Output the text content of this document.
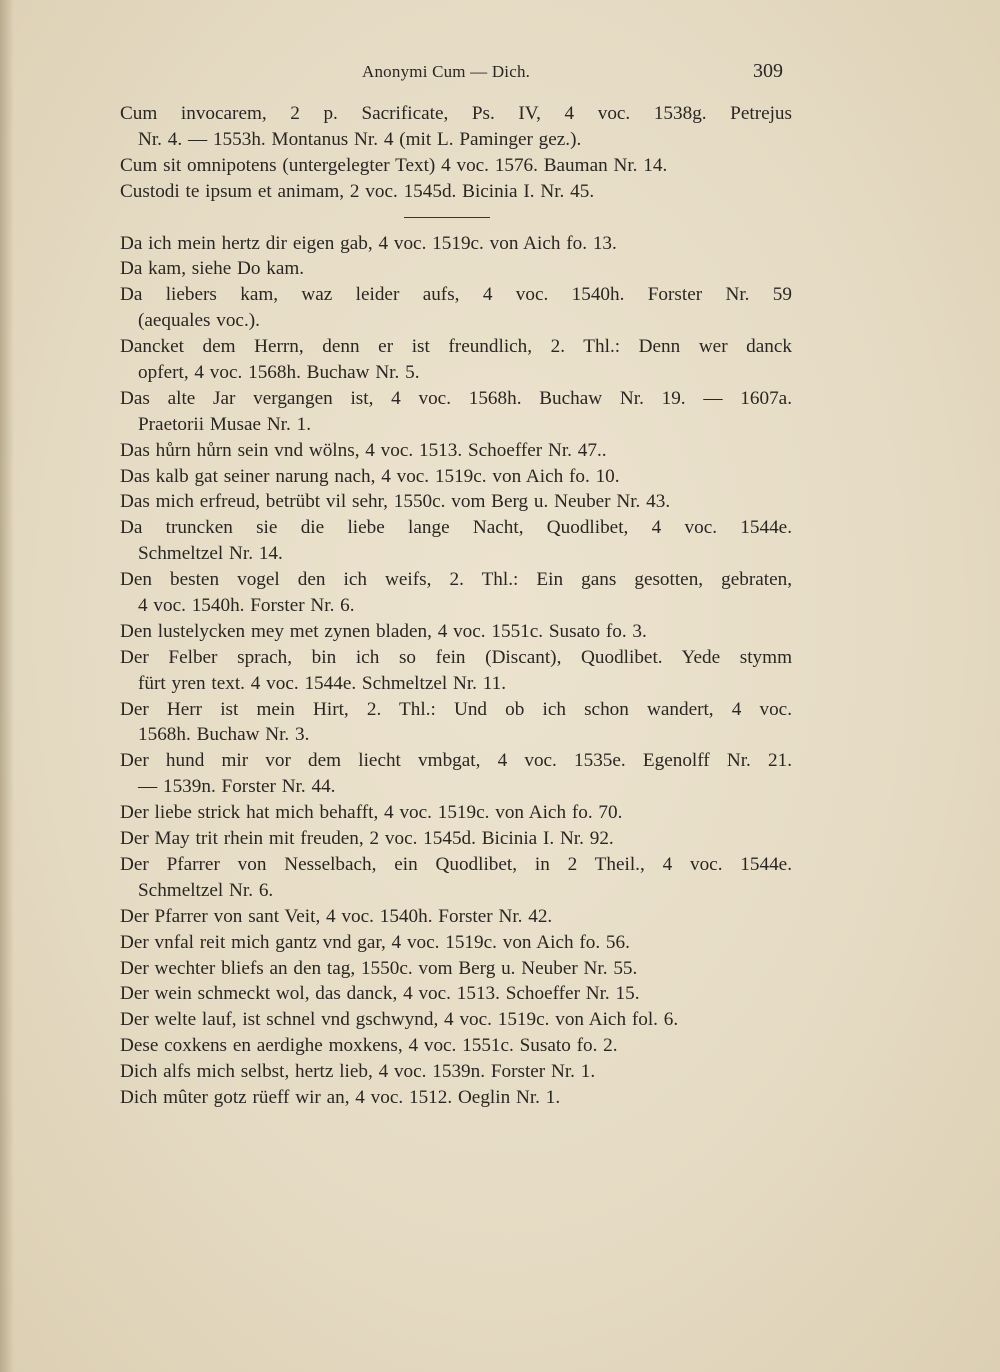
Anonymi Cum — Dich.	309

Cum invocarem, 2 p. Sacrificate, Ps. IV, 4 voc. 1538g. Petrejus
Nr. 4. — 1553h. Montanus Nr. 4 (mit L. Paminger gez.).

Cum sit omnipotens (untergelegter Text) 4 voc. 1576. Bauman Nr. 14.

Custodi te ipsum et animam, 2 voc. 1545d. Bicinia I. Nr. 45.

Da ich mein hertz dir eigen gab, 4 voc. 1519c. von Aich fo. 13.

Da kam, siehe Do kam.

Da liebers kam, waz leider aufs, 4 voc. 1540h. Forster Nr. 59
(aequales voc.).

Dancket dem Herrn, denn er ist freundlich, 2. Thl.: Denn wer danck
opfert, 4 voc. 1568h. Buchaw Nr. 5.

Das alte Jar vergangen ist, 4 voc. 1568h. Buchaw Nr. 19. — 1607a.
Praetorii Musae Nr. 1.

Das hůrn hůrn sein vnd wölns, 4 voc. 1513. Schoeffer Nr. 47..

Das kalb gat seiner narung nach, 4 voc. 1519c. von Aich fo. 10.

Das mich erfreud, betrübt vil sehr, 1550c. vom Berg u. Neuber Nr. 43.

Da truncken sie die liebe lange Nacht, Quodlibet, 4 voc. 1544e.
Schmeltzel Nr. 14.

Den besten vogel den ich weifs, 2. Thl.: Ein gans gesotten, gebraten,
4 voc. 1540h. Forster Nr. 6.

Den lustelycken mey met zynen bladen, 4 voc. 1551c. Susato fo. 3.

Der Felber sprach, bin ich so fein (Discant), Quodlibet. Yede stymm
fürt yren text. 4 voc. 1544e. Schmeltzel Nr. 11.

Der Herr ist mein Hirt, 2. Thl.: Und ob ich schon wandert, 4 voc.
1568h. Buchaw Nr. 3.

Der hund mir vor dem liecht vmbgat, 4 voc. 1535e. Egenolff Nr. 21.
— 1539n. Forster Nr. 44.

Der liebe strick hat mich behafft, 4 voc. 1519c. von Aich fo. 70.

Der May trit rhein mit freuden, 2 voc. 1545d. Bicinia I. Nr. 92.

Der Pfarrer von Nesselbach, ein Quodlibet, in 2 Theil., 4 voc. 1544e.
Schmeltzel Nr. 6.

Der Pfarrer von sant Veit, 4 voc. 1540h. Forster Nr. 42.

Der vnfal reit mich gantz vnd gar, 4 voc. 1519c. von Aich fo. 56.

Der wechter bliefs an den tag, 1550c. vom Berg u. Neuber Nr. 55.

Der wein schmeckt wol, das danck, 4 voc. 1513. Schoeffer Nr. 15.

Der welte lauf, ist schnel vnd gschwynd, 4 voc. 1519c. von Aich fol. 6.

Dese coxkens en aerdighe moxkens, 4 voc. 1551c. Susato fo. 2.

Dich alfs mich selbst, hertz lieb, 4 voc. 1539n. Forster Nr. 1.

Dich mûter gotz rüeff wir an, 4 voc. 1512. Oeglin Nr. 1.
